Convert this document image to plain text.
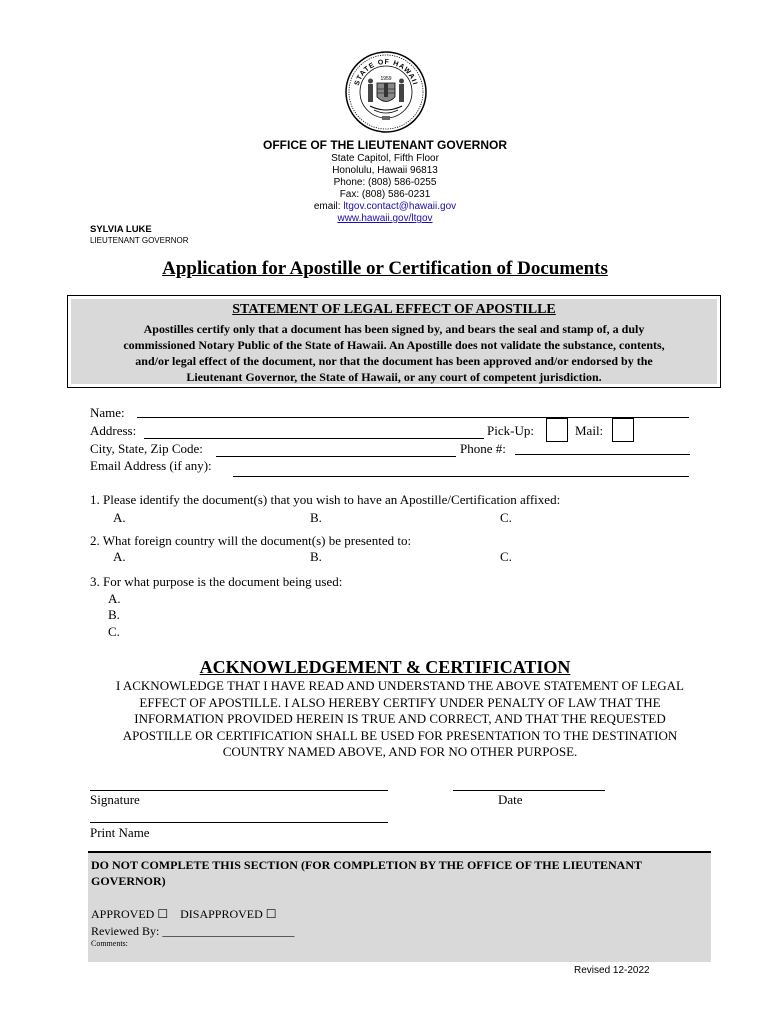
STATE OF HAWAII
1959
OFFICE OF THE LIEUTENANT GOVERNOR
State Capitol, Fifth Floor
Honolulu, Hawaii 96813
Phone: (808) 586-0255
Fax: (808) 586-0231
email: ltgov.contact@hawaii.gov
www.hawaii.gov/ltgov
SYLVIA LUKE
LIEUTENANT GOVERNOR
Application for Apostille or Certification of Documents
STATEMENT OF LEGAL EFFECT OF APOSTILLE
Apostilles certify only that a document has been signed by, and bears the seal and stamp of, a duly
commissioned Notary Public of the State of Hawaii. An Apostille does not validate the substance, contents,
and/or legal effect of the document, nor that the document has been approved and/or endorsed by the
Lieutenant Governor, the State of Hawaii, or any court of competent jurisdiction.
Name:
Address:	Pick-Up:	Mail:
City, State, Zip Code:	Phone #:
Email Address (if any):
1. Please identify the document(s) that you wish to have an Apostille/Certification affixed:
A.	B.	C.
2. What foreign country will the document(s) be presented to:
A.	B.	C.
3. For what purpose is the document being used:
A.
B.
C.
ACKNOWLEDGEMENT & CERTIFICATION
I ACKNOWLEDGE THAT I HAVE READ AND UNDERSTAND THE ABOVE STATEMENT OF LEGAL
EFFECT OF APOSTILLE. I ALSO HEREBY CERTIFY UNDER PENALTY OF LAW THAT THE
INFORMATION PROVIDED HEREIN IS TRUE AND CORRECT, AND THAT THE REQUESTED
APOSTILLE OR CERTIFICATION SHALL BE USED FOR PRESENTATION TO THE DESTINATION
COUNTRY NAMED ABOVE, AND FOR NO OTHER PURPOSE.
Signature	Date
Print Name
DO NOT COMPLETE THIS SECTION (FOR COMPLETION BY THE OFFICE OF THE LIEUTENANT
GOVERNOR)
APPROVED ☐ DISAPPROVED ☐
Reviewed By: ______________________
Comments:
Revised 12-2022
